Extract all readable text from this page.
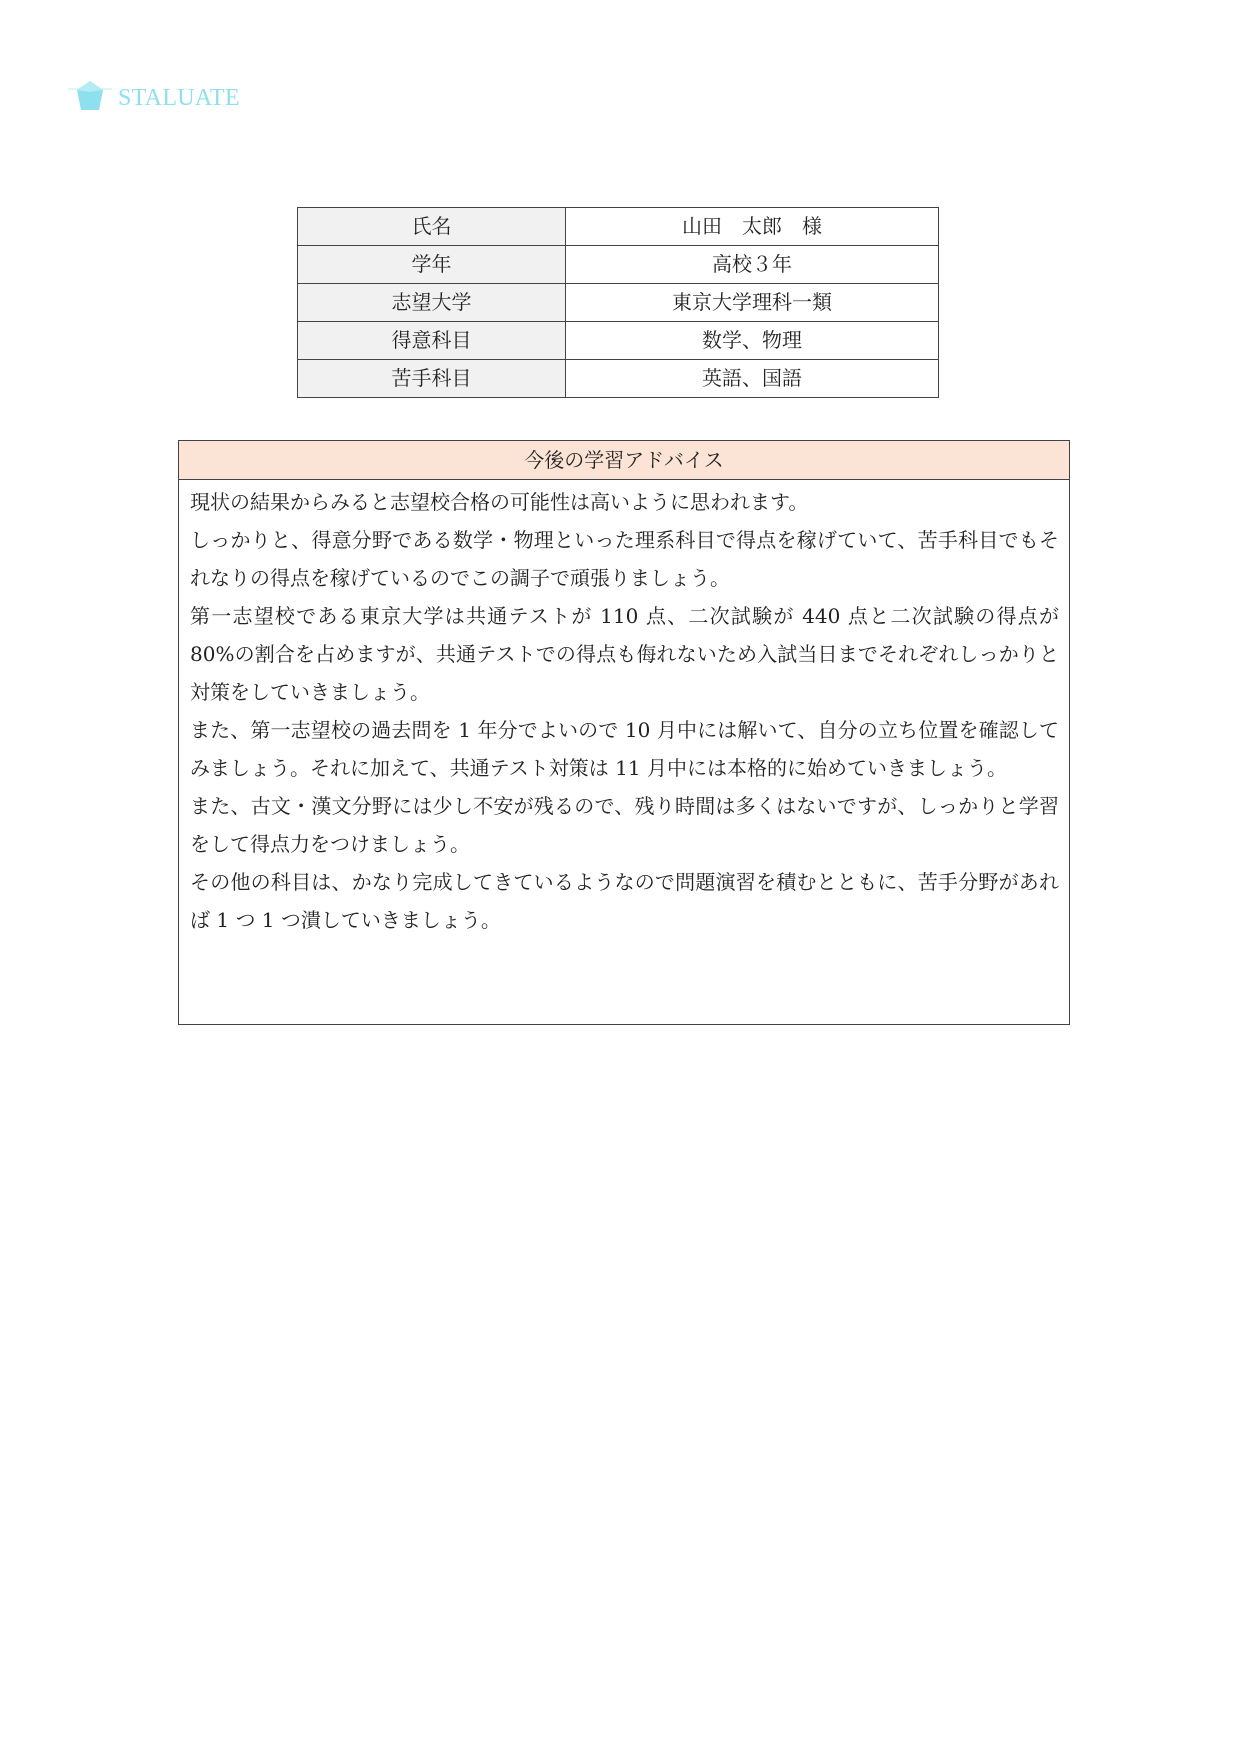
STALUATE
氏名	山田　太郎　様
学年	高校３年
志望大学	東京大学理科一類
得意科目	数学、物理
苦手科目	英語、国語
今後の学習アドバイス

現状の結果からみると志望校合格の可能性は高いように思われます。

しっかりと、得意分野である数学・物理といった理系科目で得点を稼げていて、苦手科目でもそれなりの得点を稼げているのでこの調子で頑張りましょう。

第一志望校である東京大学は共通テストが 110 点、二次試験が 440 点と二次試験の得点が 80%の割合を占めますが、共通テストでの得点も侮れないため入試当日までそれぞれしっかりと対策をしていきましょう。

また、第一志望校の過去問を 1 年分でよいので 10 月中には解いて、自分の立ち位置を確認してみましょう。それに加えて、共通テスト対策は 11 月中には本格的に始めていきましょう。

また、古文・漢文分野には少し不安が残るので、残り時間は多くはないですが、しっかりと学習をして得点力をつけましょう。

その他の科目は、かなり完成してきているようなので問題演習を積むとともに、苦手分野があれば 1 つ 1 つ潰していきましょう。
